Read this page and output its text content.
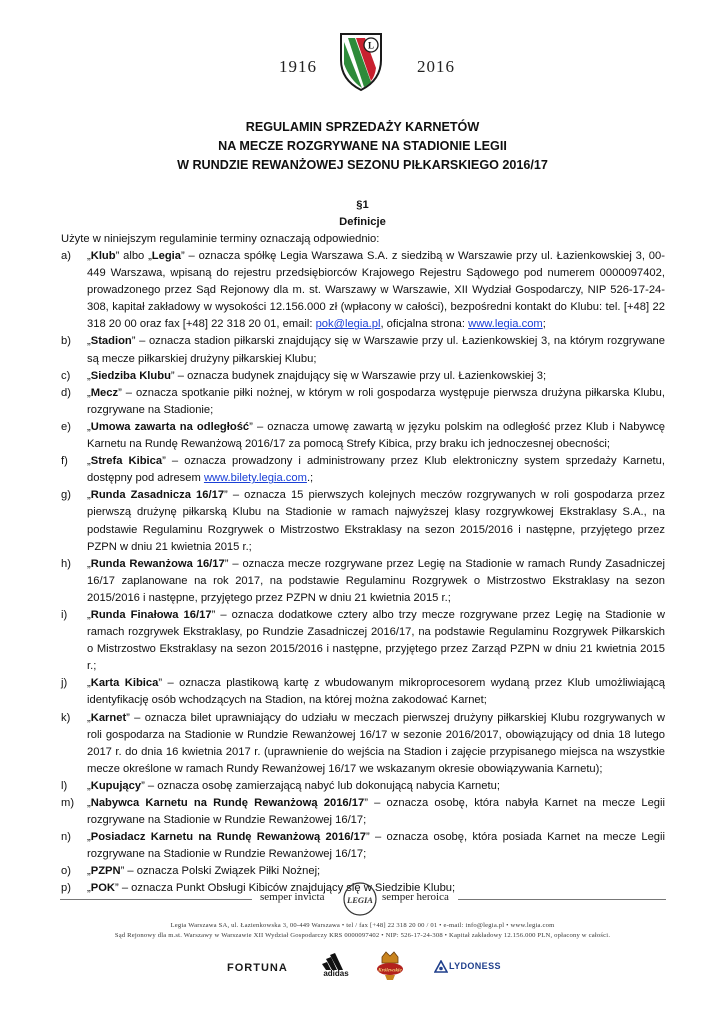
1916
L
2016
REGULAMIN SPRZEDAŻY KARNETÓW
NA MECZE ROZGRYWANE NA STADIONIE LEGII
W RUNDZIE REWANŻOWEJ SEZONU PIŁKARSKIEGO 2016/17
§1
Definicje
Użyte w niniejszym regulaminie terminy oznaczają odpowiednio:
a) „Klub” albo „Legia” – oznacza spółkę Legia Warszawa S.A. z siedzibą w Warszawie przy ul. Łazienkowskiej 3, 00-449 Warszawa, wpisaną do rejestru przedsiębiorców Krajowego Rejestru Sądowego pod numerem 0000097402, prowadzonego przez Sąd Rejonowy dla m. st. Warszawy w Warszawie, XII Wydział Gospodarczy, NIP 526-17-24-308, kapitał zakładowy w wysokości 12.156.000 zł (wpłacony w całości), bezpośredni kontakt do Klubu: tel. [+48] 22 318 20 00 oraz fax [+48] 22 318 20 01, email: pok@legia.pl, oficjalna strona: www.legia.com;
b) „Stadion” – oznacza stadion piłkarski znajdujący się w Warszawie przy ul. Łazienkowskiej 3, na którym rozgrywane są mecze piłkarskiej drużyny piłkarskiej Klubu;
c) „Siedziba Klubu” – oznacza budynek znajdujący się w Warszawie przy ul. Łazienkowskiej 3;
d) „Mecz” – oznacza spotkanie piłki nożnej, w którym w roli gospodarza występuje pierwsza drużyna piłkarska Klubu, rozgrywane na Stadionie;
e) „Umowa zawarta na odległość” – oznacza umowę zawartą w języku polskim na odległość przez Klub i Nabywcę Karnetu na Rundę Rewanżową 2016/17 za pomocą Strefy Kibica, przy braku ich jednoczesnej obecności;
f) „Strefa Kibica” – oznacza prowadzony i administrowany przez Klub elektroniczny system sprzedaży Karnetu, dostępny pod adresem www.bilety.legia.com.;
g) „Runda Zasadnicza 16/17” – oznacza 15 pierwszych kolejnych meczów rozgrywanych w roli gospodarza przez pierwszą drużynę piłkarską Klubu na Stadionie w ramach najwyższej klasy rozgrywkowej Ekstraklasy S.A., na podstawie Regulaminu Rozgrywek o Mistrzostwo Ekstraklasy na sezon 2015/2016 i następne, przyjętego przez PZPN w dniu 21 kwietnia 2015 r.;
h) „Runda Rewanżowa 16/17” – oznacza mecze rozgrywane przez Legię na Stadionie w ramach Rundy Zasadniczej 16/17 zaplanowane na rok 2017, na podstawie Regulaminu Rozgrywek o Mistrzostwo Ekstraklasy na sezon 2015/2016 i następne, przyjętego przez PZPN w dniu 21 kwietnia 2015 r.;
i) „Runda Finałowa 16/17” – oznacza dodatkowe cztery albo trzy mecze rozgrywane przez Legię na Stadionie w ramach rozgrywek Ekstraklasy, po Rundzie Zasadniczej 2016/17, na podstawie Regulaminu Rozgrywek Piłkarskich o Mistrzostwo Ekstraklasy na sezon 2015/2016 i następne, przyjętego przez Zarząd PZPN w dniu 21 kwietnia 2015 r.;
j) „Karta Kibica” – oznacza plastikową kartę z wbudowanym mikroprocesorem wydaną przez Klub umożliwiającą identyfikację osób wchodzących na Stadion, na której można zakodować Karnet;
k) „Karnet” – oznacza bilet uprawniający do udziału w meczach pierwszej drużyny piłkarskiej Klubu rozgrywanych w roli gospodarza na Stadionie w Rundzie Rewanżowej 16/17 w sezonie 2016/2017, obowiązujący od dnia 18 lutego 2017 r. do dnia 16 kwietnia 2017 r. (uprawnienie do wejścia na Stadion i zajęcie przypisanego miejsca na wszystkie mecze określone w ramach Rundy Rewanżowej 16/17 we wskazanym okresie obowiązywania Karnetu);
l) „Kupujący” – oznacza osobę zamierzającą nabyć lub dokonującą nabycia Karnetu;
m) „Nabywca Karnetu na Rundę Rewanżową 2016/17” – oznacza osobę, która nabyła Karnet na mecze Legii rozgrywane na Stadionie w Rundzie Rewanżowej 16/17;
n) „Posiadacz Karnetu na Rundę Rewanżową 2016/17” – oznacza osobę, która posiada Karnet na mecze Legii rozgrywane na Stadionie w Rundzie Rewanżowej 16/17;
o) „PZPN” – oznacza Polski Związek Piłki Nożnej;
p) „POK” – oznacza Punkt Obsługi Kibiców znajdujący się w Siedzibie Klubu;
semper invicta	LEGIA semper heroica
Legia Warszawa SA, ul. Łazienkowska 3, 00-449 Warszawa • tel / fax [+48] 22 318 20 00 / 01 • e-mail: info@legia.pl • www.legia.com
Sąd Rejonowy dla m.st. Warszawy w Warszawie XII Wydział Gospodarczy KRS 0000097402 • NIP: 526-17-24-308 • Kapitał zakładowy 12.156.000 PLN, opłacony w całości.
FORTUNA	adidas	Królewskie	LYDONESS
